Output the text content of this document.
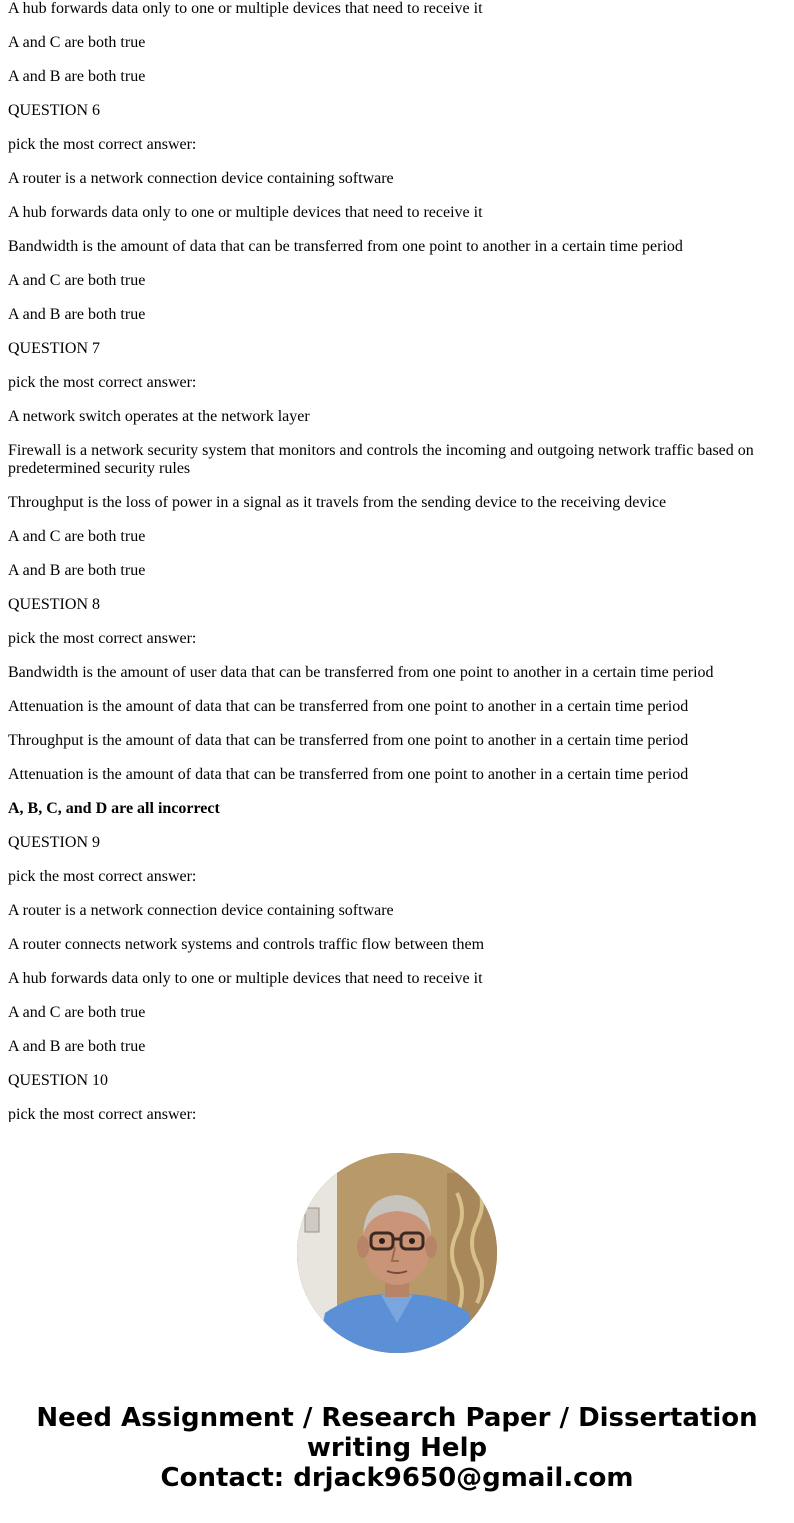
A hub forwards data only to one or multiple devices that need to receive it

A and C are both true

A and B are both true

QUESTION 6

pick the most correct answer:

A router is a network connection device containing software

A hub forwards data only to one or multiple devices that need to receive it

Bandwidth is the amount of data that can be transferred from one point to another in a certain time period

A and C are both true

A and B are both true

QUESTION 7

pick the most correct answer:

A network switch operates at the network layer

Firewall is a network security system that monitors and controls the incoming and outgoing network traffic based on predetermined security rules

Throughput is the loss of power in a signal as it travels from the sending device to the receiving device

A and C are both true

A and B are both true

QUESTION 8

pick the most correct answer:

Bandwidth is the amount of user data that can be transferred from one point to another in a certain time period

Attenuation is the amount of data that can be transferred from one point to another in a certain time period

Throughput is the amount of data that can be transferred from one point to another in a certain time period

Attenuation is the amount of data that can be transferred from one point to another in a certain time period

A, B, C, and D are all incorrect

QUESTION 9

pick the most correct answer:

A router is a network connection device containing software

A router connects network systems and controls traffic flow between them

A hub forwards data only to one or multiple devices that need to receive it

A and C are both true

A and B are both true

QUESTION 10

pick the most correct answer:

Need Assignment / Research Paper / Dissertation
writing Help
Contact: drjack9650@gmail.com
